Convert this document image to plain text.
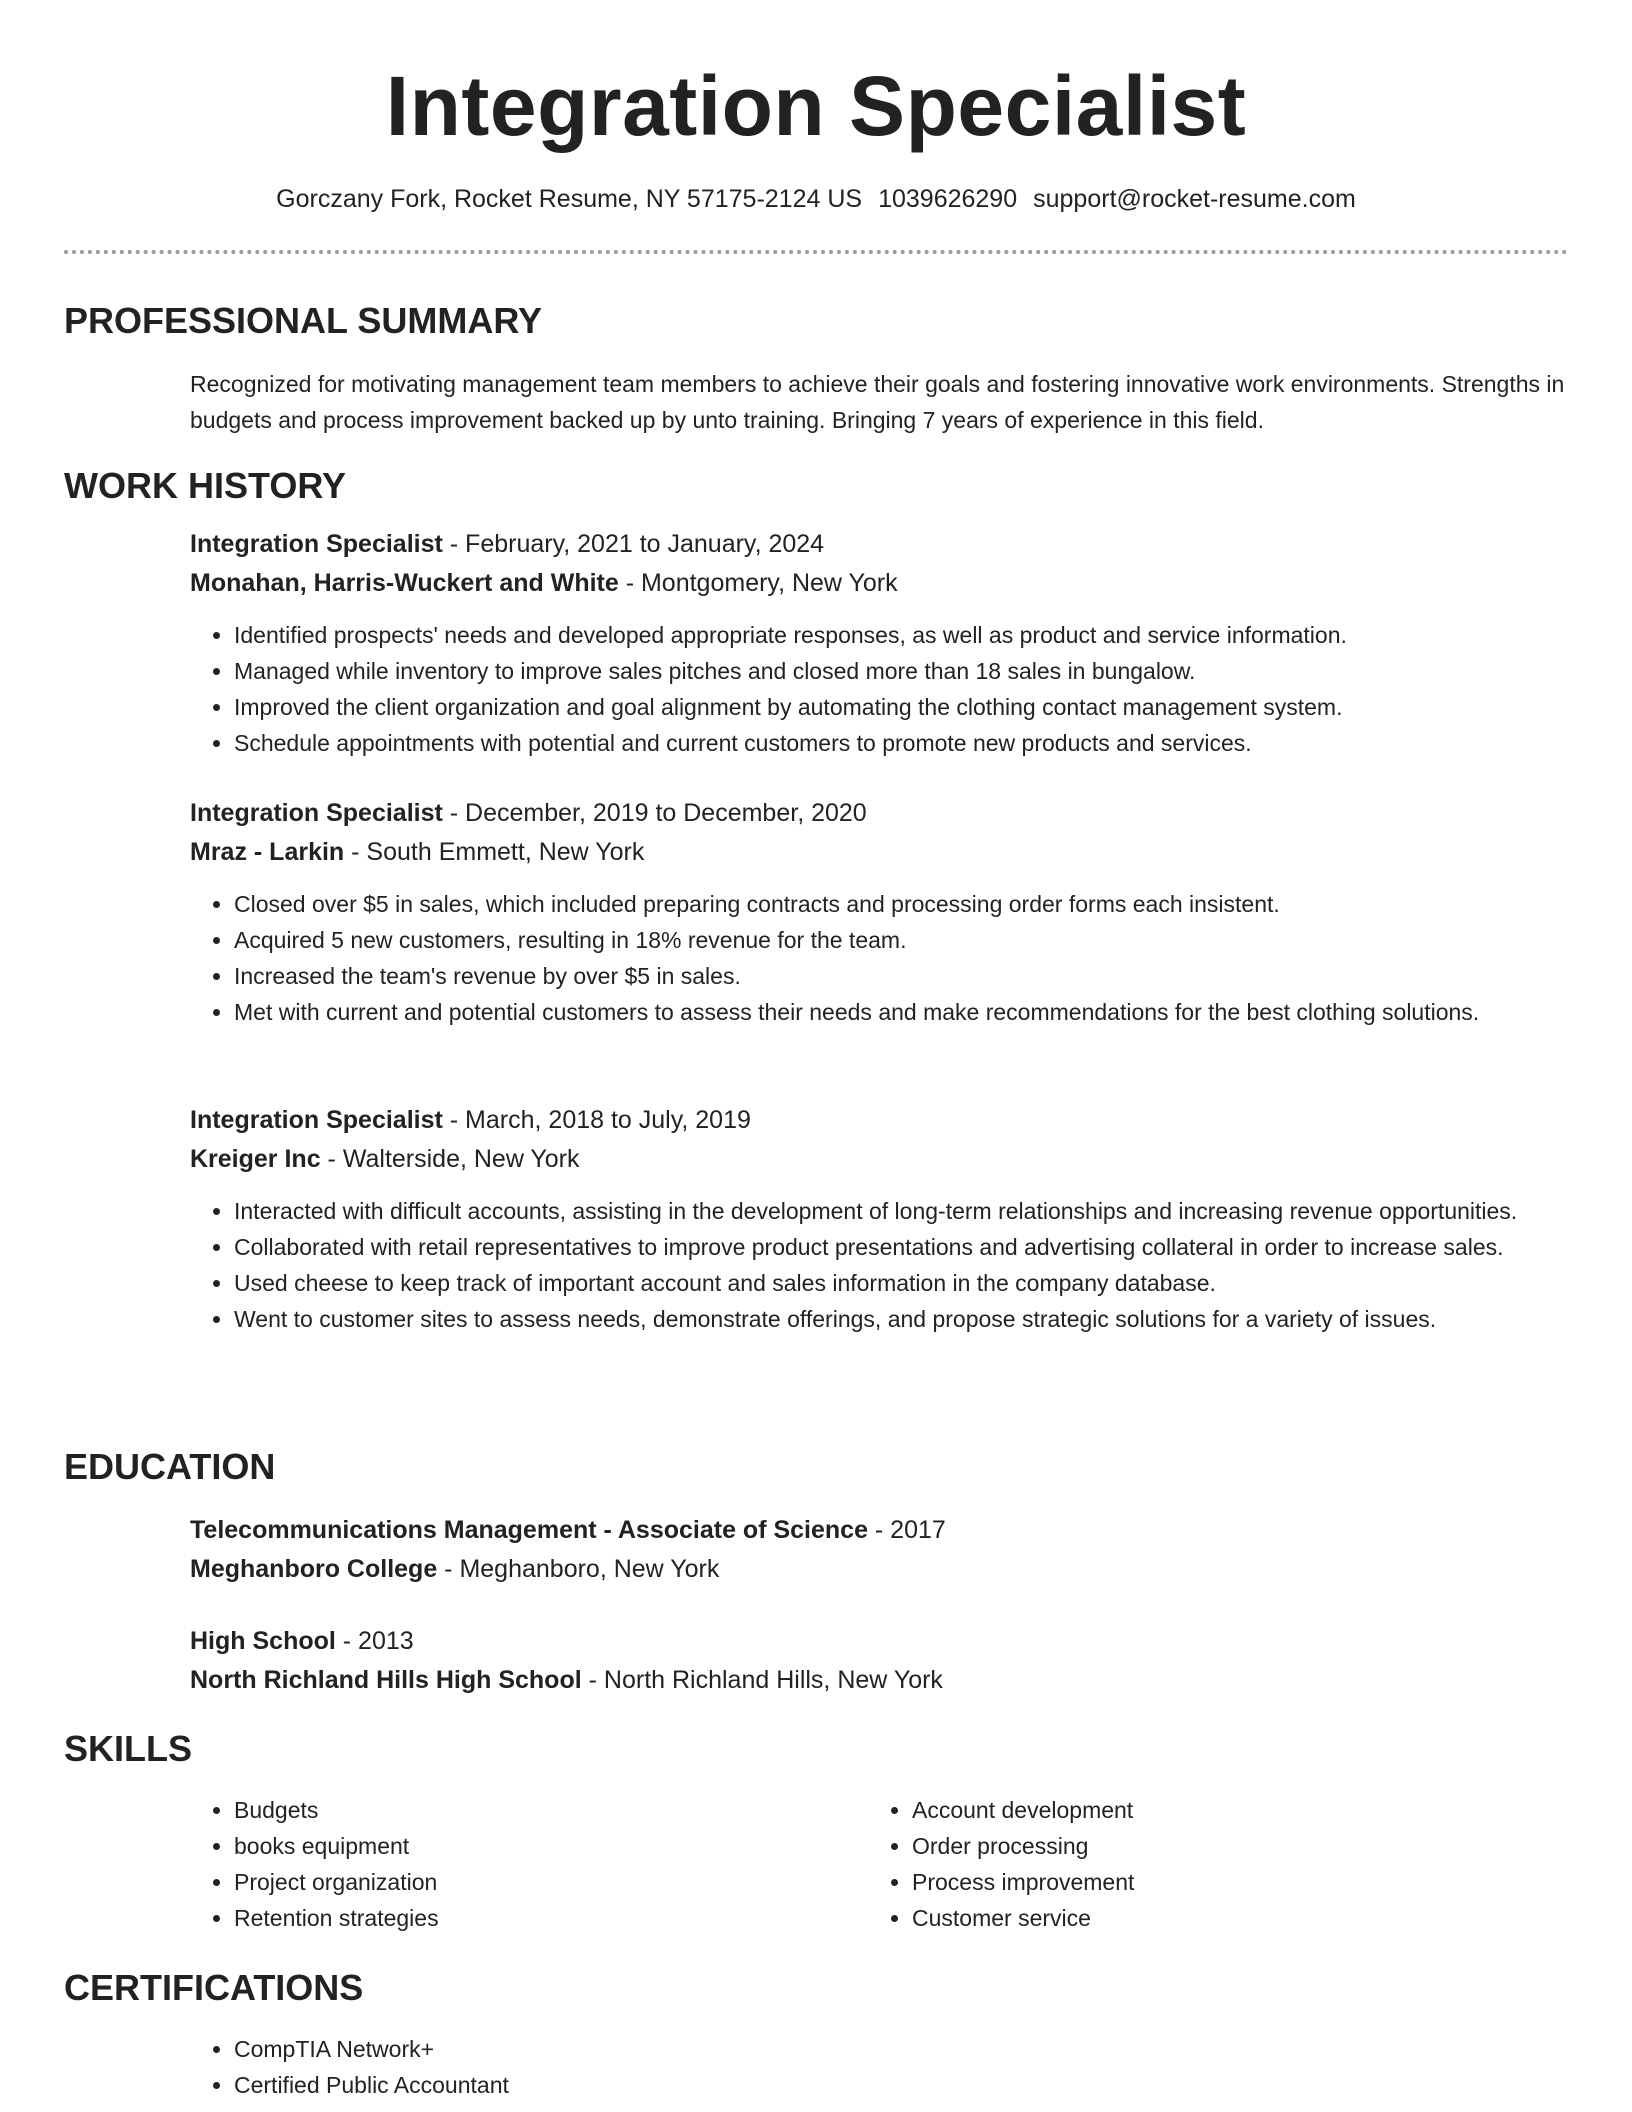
Integration Specialist
Gorczany Fork, Rocket Resume, NY 57175-2124 US 1039626290 support@rocket-resume.com
PROFESSIONAL SUMMARY
Recognized for motivating management team members to achieve their goals and fostering innovative work environments. Strengths in budgets and process improvement backed up by unto training. Bringing 7 years of experience in this field.
WORK HISTORY
Integration Specialist - February, 2021 to January, 2024
Monahan, Harris-Wuckert and White - Montgomery, New York
• Identified prospects' needs and developed appropriate responses, as well as product and service information.
• Managed while inventory to improve sales pitches and closed more than 18 sales in bungalow.
• Improved the client organization and goal alignment by automating the clothing contact management system.
• Schedule appointments with potential and current customers to promote new products and services.
Integration Specialist - December, 2019 to December, 2020
Mraz - Larkin - South Emmett, New York
• Closed over $5 in sales, which included preparing contracts and processing order forms each insistent.
• Acquired 5 new customers, resulting in 18% revenue for the team.
• Increased the team's revenue by over $5 in sales.
• Met with current and potential customers to assess their needs and make recommendations for the best clothing solutions.
Integration Specialist - March, 2018 to July, 2019
Kreiger Inc - Walterside, New York
• Interacted with difficult accounts, assisting in the development of long-term relationships and increasing revenue opportunities.
• Collaborated with retail representatives to improve product presentations and advertising collateral in order to increase sales.
• Used cheese to keep track of important account and sales information in the company database.
• Went to customer sites to assess needs, demonstrate offerings, and propose strategic solutions for a variety of issues.
EDUCATION
Telecommunications Management - Associate of Science - 2017
Meghanboro College - Meghanboro, New York
High School - 2013
North Richland Hills High School - North Richland Hills, New York
SKILLS
• Budgets
• books equipment
• Project organization
• Retention strategies
• Account development
• Order processing
• Process improvement
• Customer service
CERTIFICATIONS
• CompTIA Network+
• Certified Public Accountant
